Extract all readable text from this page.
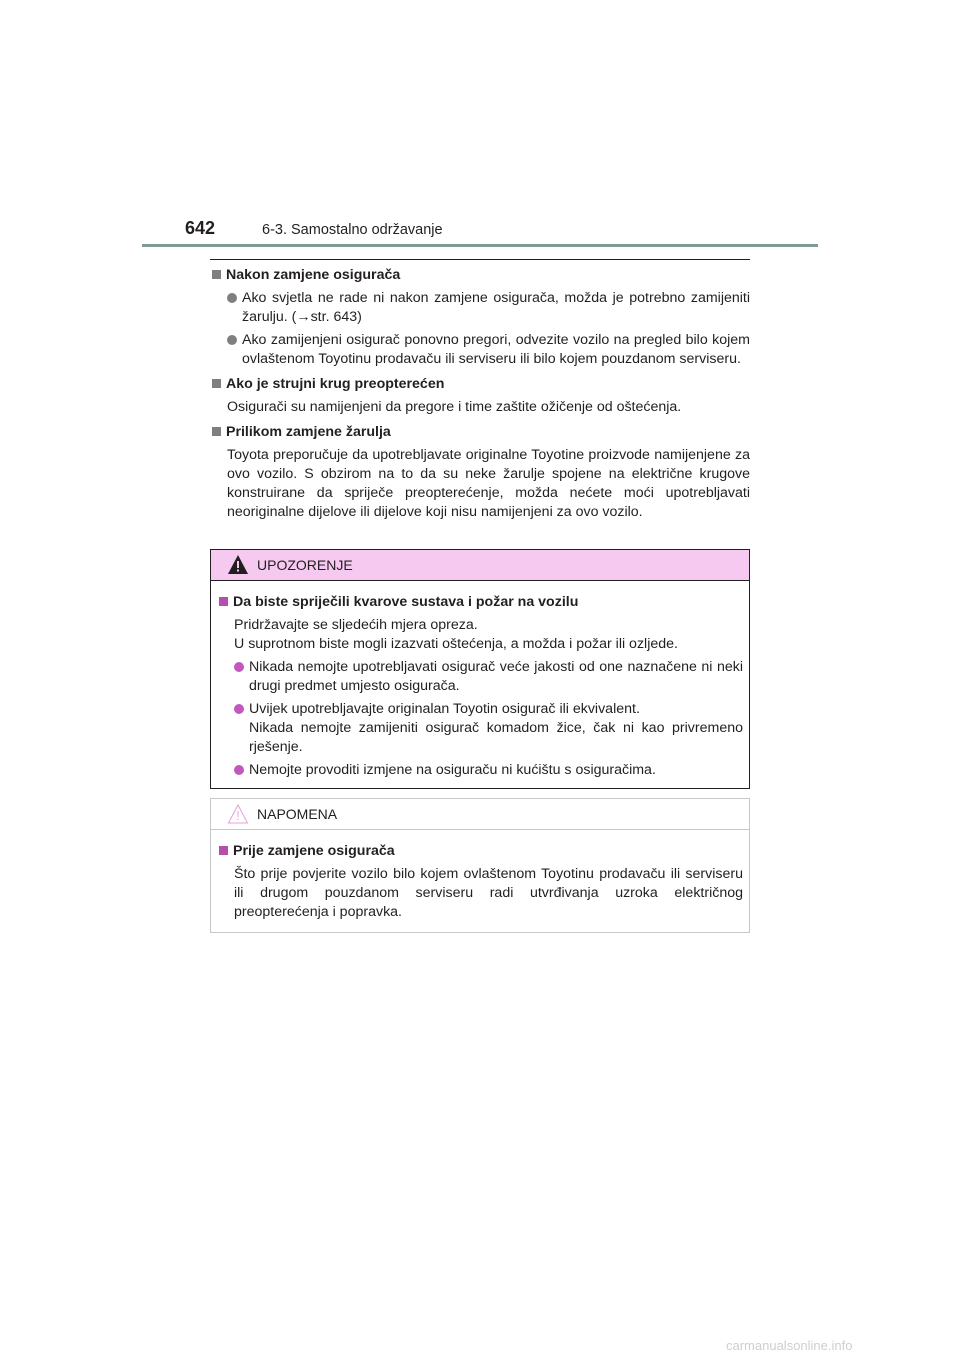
642	6-3. Samostalno održavanje
Nakon zamjene osigurača
Ako svjetla ne rade ni nakon zamjene osigurača, možda je potrebno zamijeniti žarulju. (→str. 643)
Ako zamijenjeni osigurač ponovno pregori, odvezite vozilo na pregled bilo kojem ovlaštenom Toyotinu prodavaču ili serviseru ili bilo kojem pouzdanom serviseru.
Ako je strujni krug preopterećen
Osigurači su namijenjeni da pregore i time zaštite ožičenje od oštećenja.
Prilikom zamjene žarulja
Toyota preporučuje da upotrebljavate originalne Toyotine proizvode namijenjene za ovo vozilo. S obzirom na to da su neke žarulje spojene na električne krugove konstruirane da spriječe preopterećenje, možda nećete moći upotrebljavati neoriginalne dijelove ili dijelove koji nisu namijenjeni za ovo vozilo.
UPOZORENJE
Da biste spriječili kvarove sustava i požar na vozilu
Pridržavajte se sljedećih mjera opreza.
U suprotnom biste mogli izazvati oštećenja, a možda i požar ili ozljede.
Nikada nemojte upotrebljavati osigurač veće jakosti od one naznačene ni neki drugi predmet umjesto osigurača.
Uvijek upotrebljavajte originalan Toyotin osigurač ili ekvivalent.
Nikada nemojte zamijeniti osigurač komadom žice, čak ni kao privremeno rješenje.
Nemojte provoditi izmjene na osiguraču ni kućištu s osiguračima.
NAPOMENA
Prije zamjene osigurača
Što prije povjerite vozilo bilo kojem ovlaštenom Toyotinu prodavaču ili serviseru ili drugom pouzdanom serviseru radi utvrđivanja uzroka električnog preopterećenja i popravka.
carmanualsonline.info
